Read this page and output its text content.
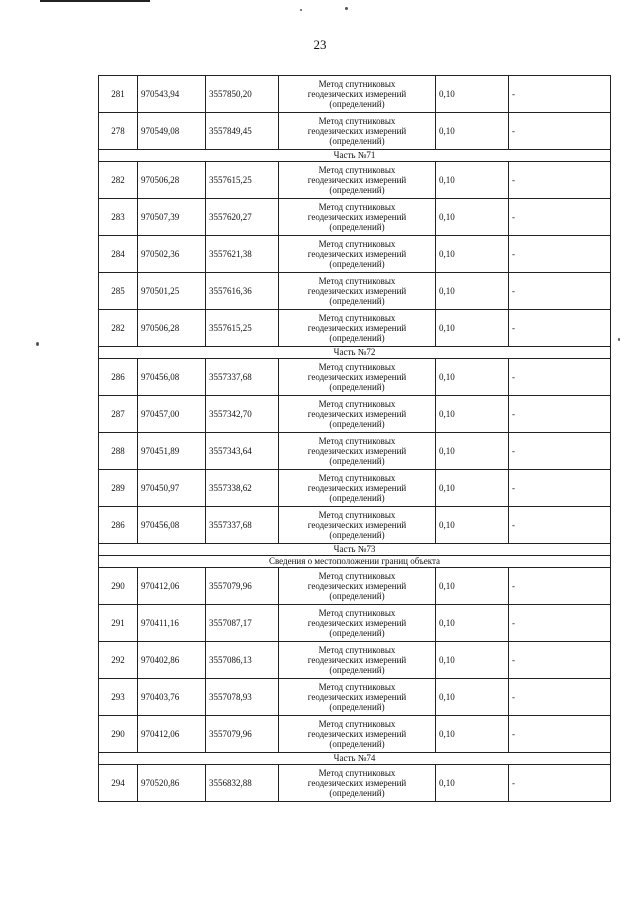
23
281	970543,94	3557850,20	Метод спутниковых
геодезических измерений
(определений)	0,10	-
278	970549,08	3557849,45	Метод спутниковых
геодезических измерений
(определений)	0,10	-
Часть №71					
282	970506,28	3557615,25	Метод спутниковых
геодезических измерений
(определений)	0,10	-
283	970507,39	3557620,27	Метод спутниковых
геодезических измерений
(определений)	0,10	-
284	970502,36	3557621,38	Метод спутниковых
геодезических измерений
(определений)	0,10	-
285	970501,25	3557616,36	Метод спутниковых
геодезических измерений
(определений)	0,10	-
282	970506,28	3557615,25	Метод спутниковых
геодезических измерений
(определений)	0,10	-
Часть №72					
286	970456,08	3557337,68	Метод спутниковых
геодезических измерений
(определений)	0,10	-
287	970457,00	3557342,70	Метод спутниковых
геодезических измерений
(определений)	0,10	-
288	970451,89	3557343,64	Метод спутниковых
геодезических измерений
(определений)	0,10	-
289	970450,97	3557338,62	Метод спутниковых
геодезических измерений
(определений)	0,10	-
286	970456,08	3557337,68	Метод спутниковых
геодезических измерений
(определений)	0,10	-
Часть №73					
Сведения о местоположении границ объекта					
290	970412,06	3557079,96	Метод спутниковых
геодезических измерений
(определений)	0,10	-
291	970411,16	3557087,17	Метод спутниковых
геодезических измерений
(определений)	0,10	-
292	970402,86	3557086,13	Метод спутниковых
геодезических измерений
(определений)	0,10	-
293	970403,76	3557078,93	Метод спутниковых
геодезических измерений
(определений)	0,10	-
290	970412,06	3557079,96	Метод спутниковых
геодезических измерений
(определений)	0,10	-
Часть №74					
294	970520,86	3556832,88	Метод спутниковых
геодезических измерений
(определений)	0,10	-
